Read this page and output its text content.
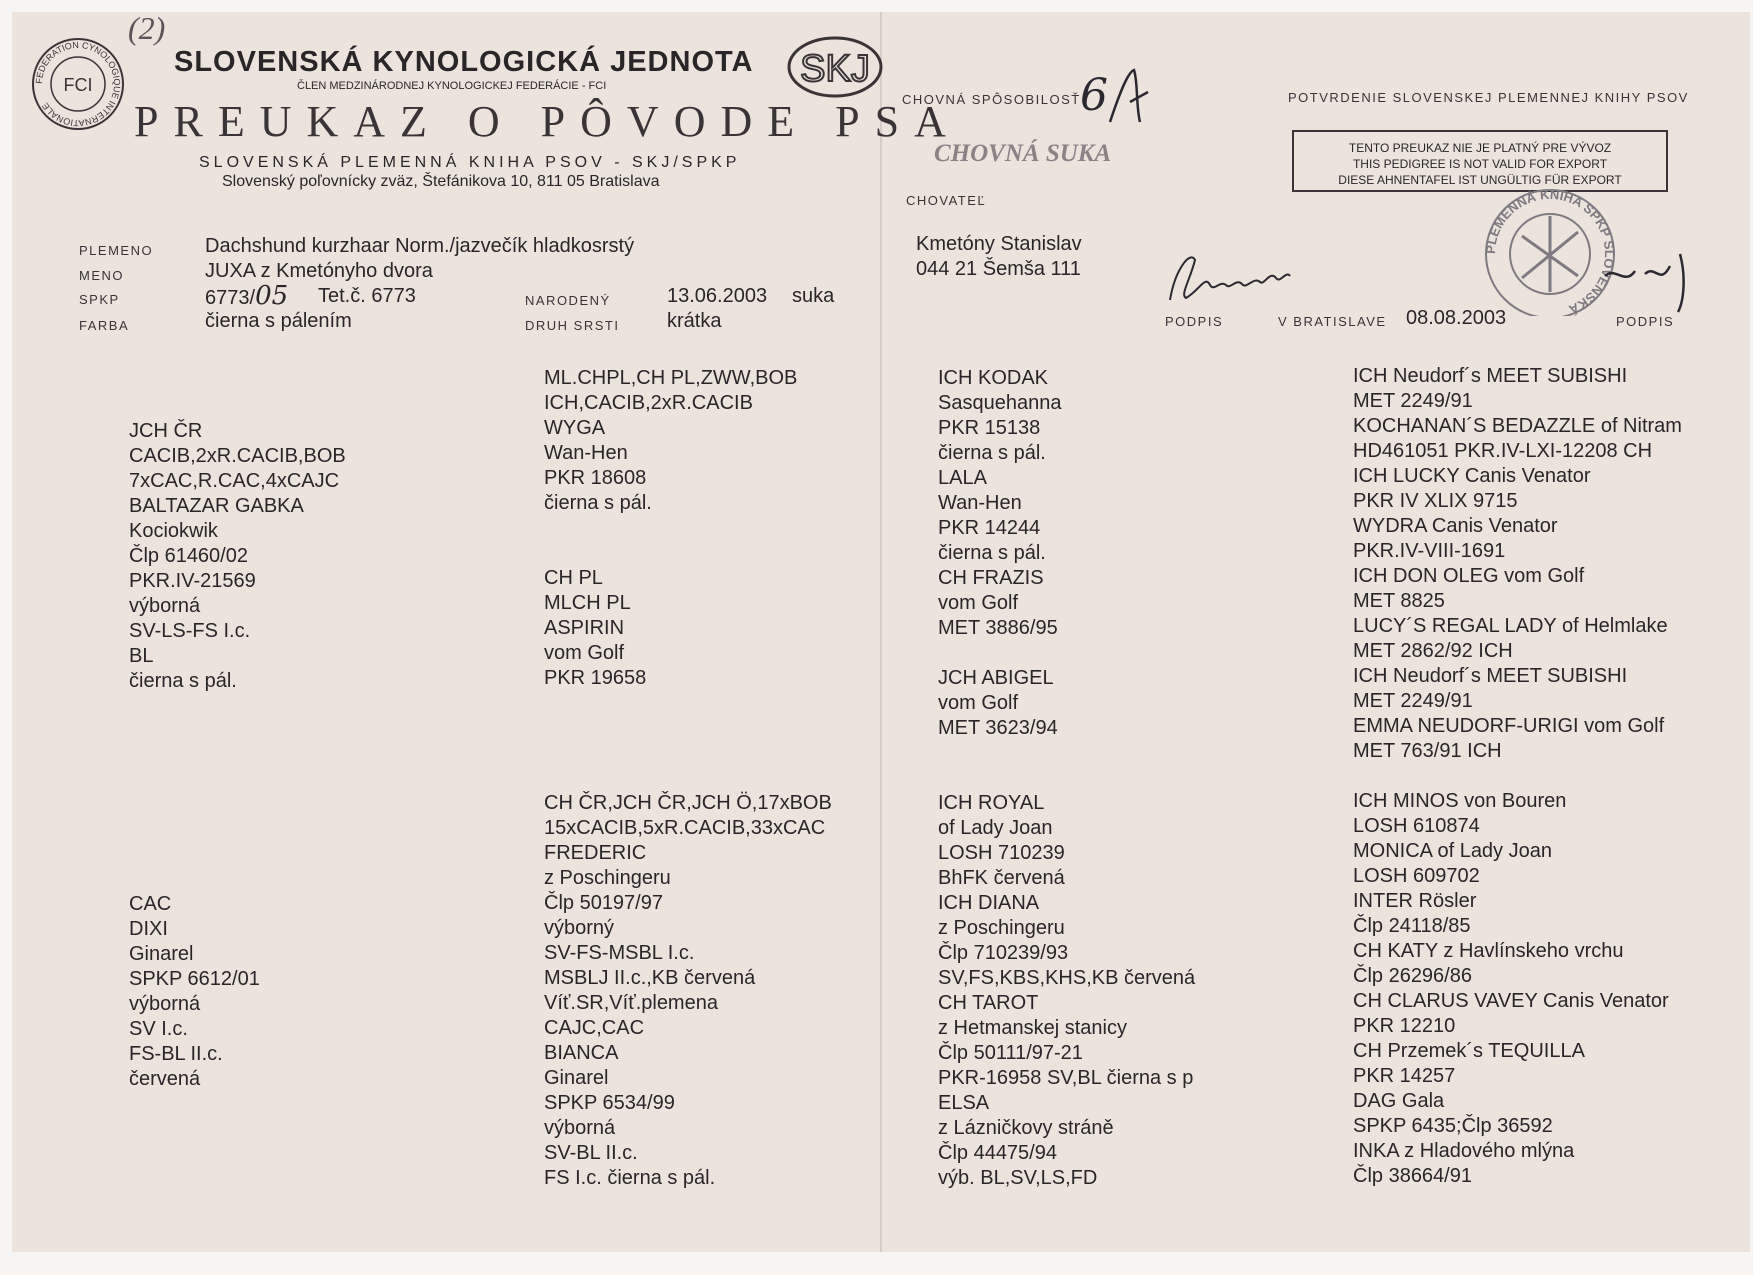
FEDERATION CYNOLOGIQUE INTERNATIONALE
FCI
(2)
SLOVENSKÁ KYNOLOGICKÁ JEDNOTA
ČLEN MEDZINÁRODNEJ KYNOLOGICKEJ FEDERÁCIE - FCI	SKJ
PREUKAZ O PÔVODE PSA
SLOVENSKÁ PLEMENNÁ KNIHA PSOV - SKJ/SPKP
Slovenský poľovnícky zväz, Štefánikova 10, 811 05 Bratislava
PLEMENO	Dachshund kurzhaar Norm./jazvečík hladkosrstý
MENO	JUXA z Kmetónyho dvora
SPKP	6773/05 Tet.č. 6773
FARBA	čierna s pálením
NARODENÝ	13.06.2003 suka
DRUH SRSTI krátka
CHOVNÁ SPÔSOBILOSŤ 6
CHOVNÁ SUKA
CHOVATEĽ
Kmetóny Stanislav
044 21 Šemša 111
PODPIS	V BRATISLAVE 08.08.2003	PODPIS
POTVRDENIE SLOVENSKEJ PLEMENNEJ KNIHY PSOV
TENTO PREUKAZ NIE JE PLATNÝ PRE VÝVOZ
THIS PEDIGREE IS NOT VALID FOR EXPORT
DIESE AHNENTAFEL IST UNGÜLTIG FÜR EXPORT
PLEMENNÁ KNIHA SPKP SLOVENSKÁ
JCH ČR
CACIB,2xR.CACIB,BOB
7xCAC,R.CAC,4xCAJC
BALTAZAR GABKA
Kociokwik
Člp 61460/02
PKR.IV-21569
výborná
SV-LS-FS I.c.
BL
čierna s pál.
CAC
DIXI
Ginarel
SPKP 6612/01
výborná
SV I.c.
FS-BL II.c.
červená
ML.CHPL,CH PL,ZWW,BOB
ICH,CACIB,2xR.CACIB
WYGA
Wan-Hen
PKR 18608
čierna s pál.
CH PL
MLCH PL
ASPIRIN
vom Golf
PKR 19658
CH ČR,JCH ČR,JCH Ö,17xBOB
15xCACIB,5xR.CACIB,33xCAC
FREDERIC
z Poschingeru
Člp 50197/97
výborný
SV-FS-MSBL I.c.
MSBLJ II.c.,KB červená
Víť.SR,Víť.plemena
CAJC,CAC
BIANCA
Ginarel
SPKP 6534/99
výborná
SV-BL II.c.
FS I.c. čierna s pál.
ICH KODAK
Sasquehanna
PKR 15138
čierna s pál.
LALA
Wan-Hen
PKR 14244
čierna s pál.
CH FRAZIS
vom Golf
MET 3886/95
JCH ABIGEL
vom Golf
MET 3623/94
ICH ROYAL
of Lady Joan
LOSH 710239
BhFK červená
ICH DIANA
z Poschingeru
Člp 710239/93
SV,FS,KBS,KHS,KB červená
CH TAROT
z Hetmanskej stanicy
Člp 50111/97-21
PKR-16958 SV,BL čierna s p
ELSA
z Lázničkovy stráně
Člp 44475/94
výb. BL,SV,LS,FD
ICH Neudorf´s MEET SUBISHI
MET 2249/91
KOCHANAN´S BEDAZZLE of Nitram
HD461051 PKR.IV-LXI-12208 CH
ICH LUCKY Canis Venator
PKR IV XLIX 9715
WYDRA Canis Venator
PKR.IV-VIII-1691
ICH DON OLEG vom Golf
MET 8825
LUCY´S REGAL LADY of Helmlake
MET 2862/92 ICH
ICH Neudorf´s MEET SUBISHI
MET 2249/91
EMMA NEUDORF-URIGI vom Golf
MET 763/91 ICH
ICH MINOS von Bouren
LOSH 610874
MONICA of Lady Joan
LOSH 609702
INTER Rösler
Člp 24118/85
CH KATY z Havlínskeho vrchu
Člp 26296/86
CH CLARUS VAVEY Canis Venator
PKR 12210
CH Przemek´s TEQUILLA
PKR 14257
DAG Gala
SPKP 6435;Člp 36592
INKA z Hladového mlýna
Člp 38664/91
